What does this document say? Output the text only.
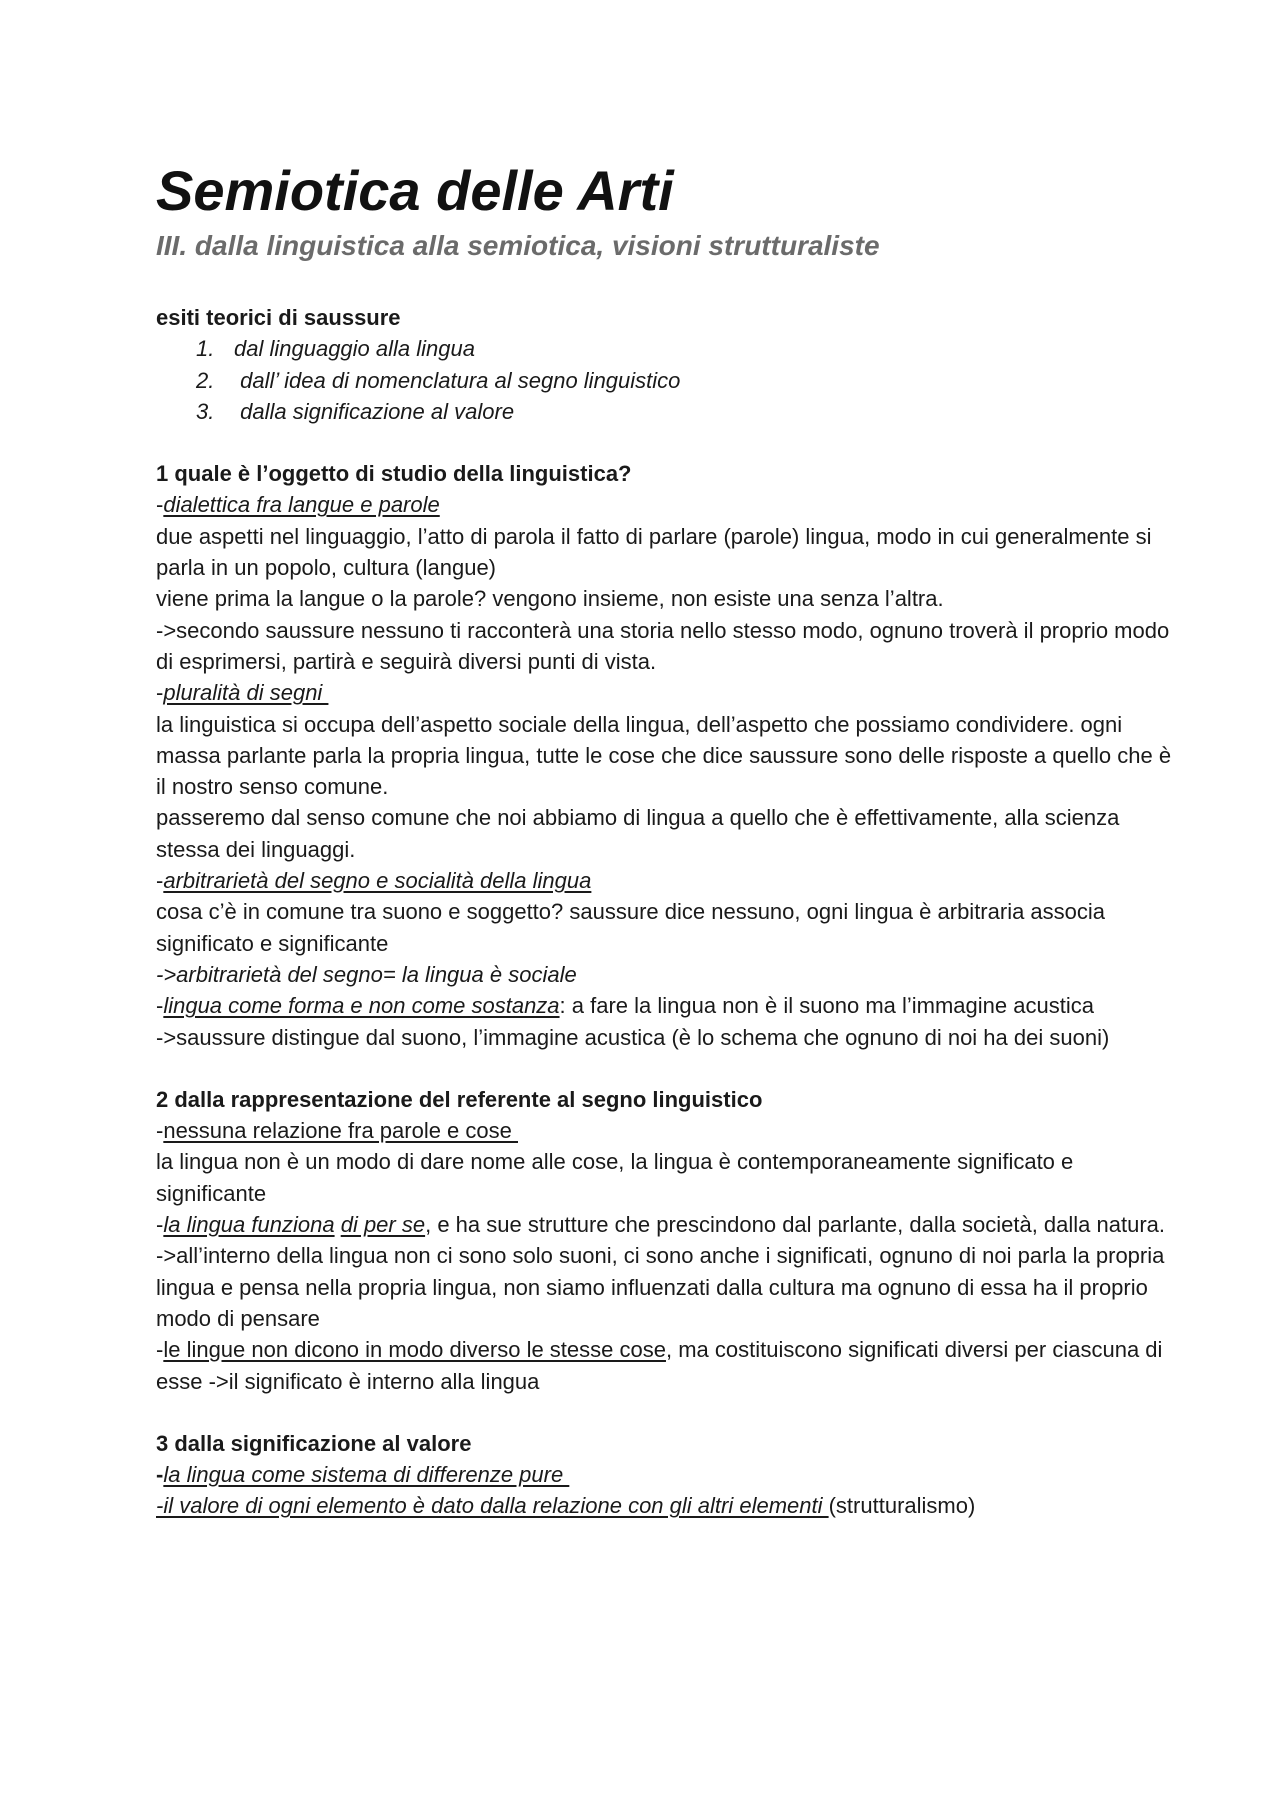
Semiotica delle Arti
III. dalla linguistica alla semiotica, visioni strutturaliste
esiti teorici di saussure
1. dal linguaggio alla lingua
2. dall’ idea di nomenclatura al segno linguistico
3. dalla significazione al valore
1 quale è l’oggetto di studio della linguistica?
-dialettica fra langue e parole
due aspetti nel linguaggio, l’atto di parola il fatto di parlare (parole) lingua, modo in cui generalmente si parla in un popolo, cultura (langue)
viene prima la langue o la parole? vengono insieme, non esiste una senza l’altra.
->secondo saussure nessuno ti racconterà una storia nello stesso modo, ognuno troverà il proprio modo di esprimersi, partirà e seguirà diversi punti di vista.
-pluralità di segni
la linguistica si occupa dell’aspetto sociale della lingua, dell’aspetto che possiamo condividere. ogni massa parlante parla la propria lingua, tutte le cose che dice saussure sono delle risposte a quello che è il nostro senso comune.
passeremo dal senso comune che noi abbiamo di lingua a quello che è effettivamente, alla scienza stessa dei linguaggi.
-arbitrarietà del segno e socialità della lingua
cosa c’è in comune tra suono e soggetto? saussure dice nessuno, ogni lingua è arbitraria associa significato e significante
->arbitrarietà del segno= la lingua è sociale
-lingua come forma e non come sostanza: a fare la lingua non è il suono ma l’immagine acustica
->saussure distingue dal suono, l’immagine acustica (è lo schema che ognuno di noi ha dei suoni)
2 dalla rappresentazione del referente al segno linguistico
-nessuna relazione fra parole e cose
la lingua non è un modo di dare nome alle cose, la lingua è contemporaneamente significato e significante
-la lingua funziona di per se, e ha sue strutture che prescindono dal parlante, dalla società, dalla natura.
->all’interno della lingua non ci sono solo suoni, ci sono anche i significati, ognuno di noi parla la propria lingua e pensa nella propria lingua, non siamo influenzati dalla cultura ma ognuno di essa ha il proprio modo di pensare
-le lingue non dicono in modo diverso le stesse cose, ma costituiscono significati diversi per ciascuna di esse ->il significato è interno alla lingua
3 dalla significazione al valore
-la lingua come sistema di differenze pure
-il valore di ogni elemento è dato dalla relazione con gli altri elementi (strutturalismo)
